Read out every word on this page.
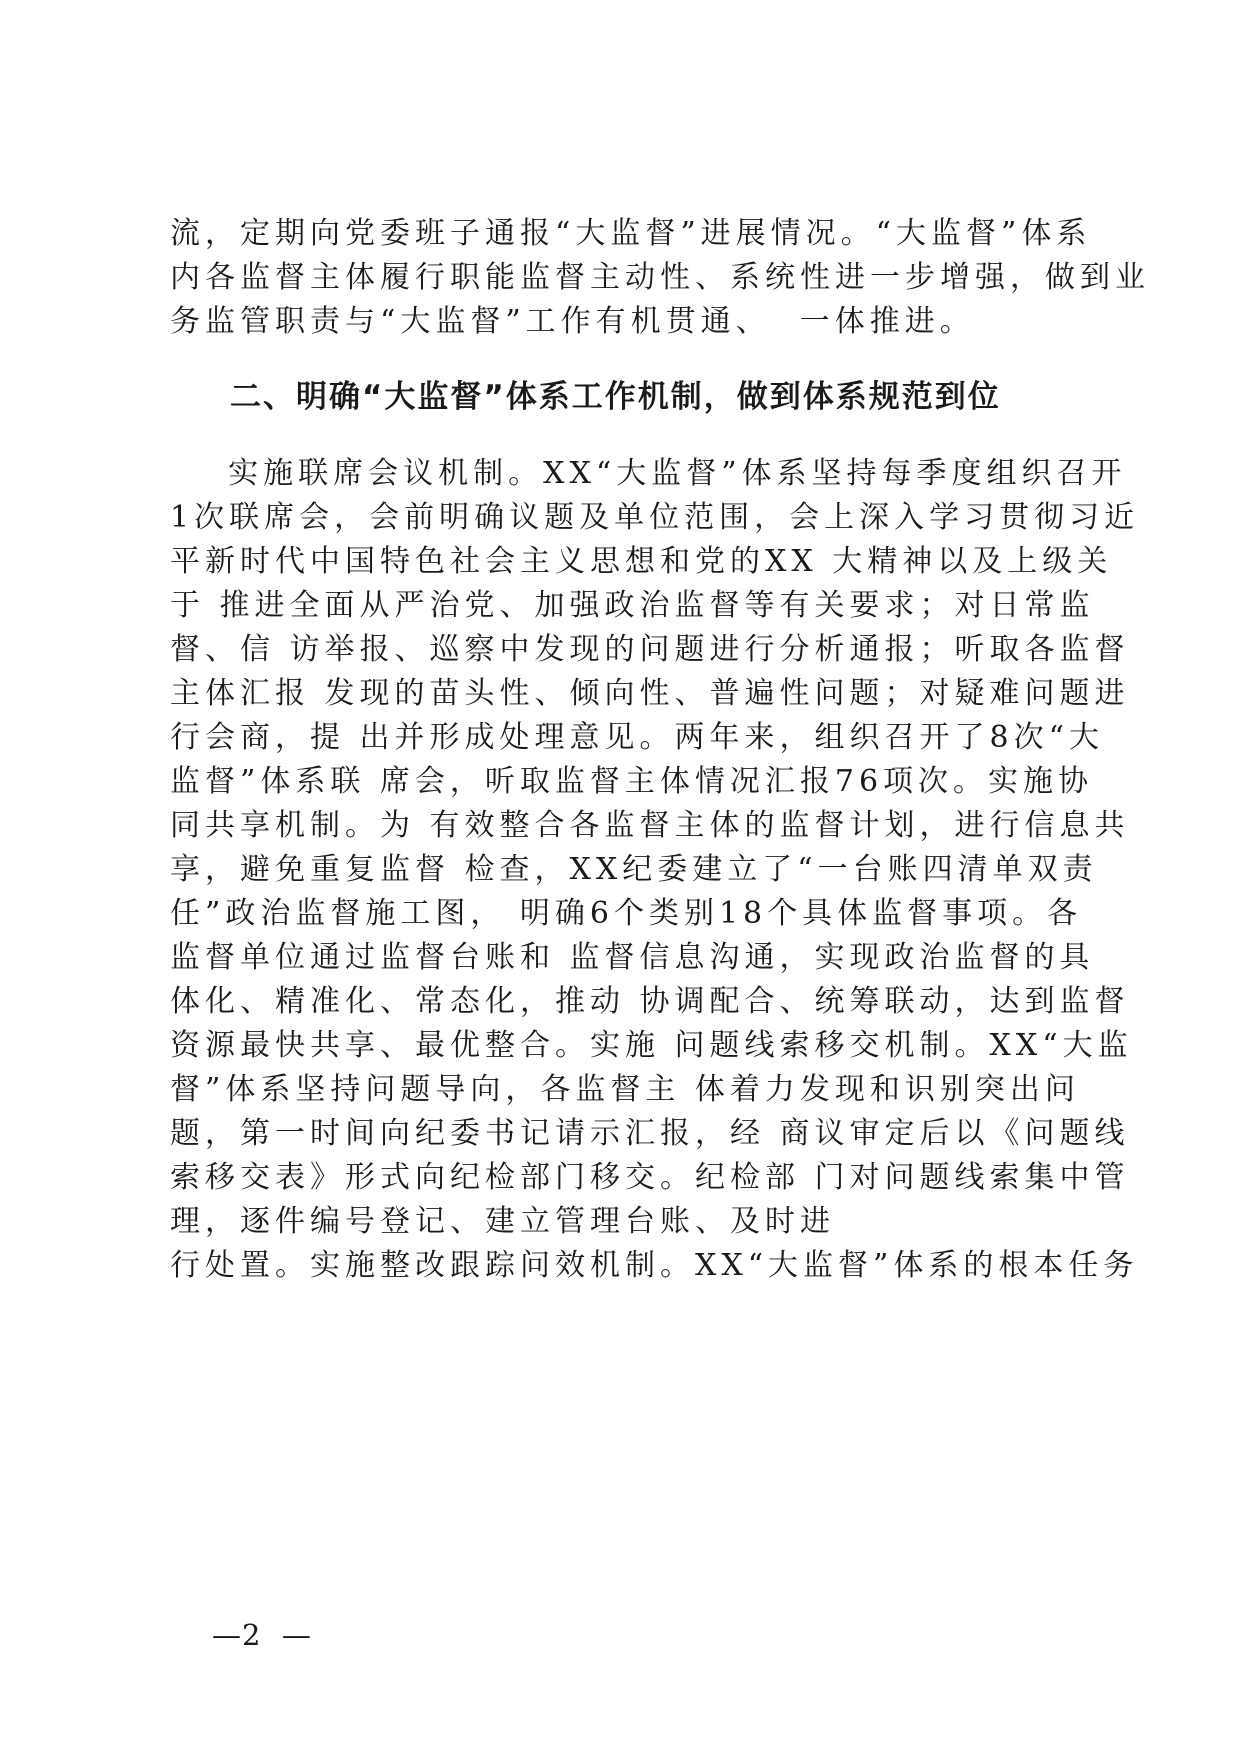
流，定期向党委班子通报“大监督”进展情况。“大监督”体系
内各监督主体履行职能监督主动性、系统性进一步增强，做到业
务监管职责与“大监督”工作有机贯通、  一体推进。
二、明确“大监督”体系工作机制，做到体系规范到位
实施联席会议机制。XX“大监督”体系坚持每季度组织召开
1次联席会，会前明确议题及单位范围，会上深入学习贯彻习近
平新时代中国特色社会主义思想和党的XX 大精神以及上级关
于 推进全面从严治党、加强政治监督等有关要求；对日常监
督、信 访举报、巡察中发现的问题进行分析通报；听取各监督
主体汇报 发现的苗头性、倾向性、普遍性问题；对疑难问题进
行会商，提 出并形成处理意见。两年来，组织召开了8次“大
监督”体系联 席会，听取监督主体情况汇报76项次。实施协
同共享机制。为 有效整合各监督主体的监督计划，进行信息共
享，避免重复监督 检查，XX纪委建立了“一台账四清单双责
任”政治监督施工图， 明确6个类别18个具体监督事项。各
监督单位通过监督台账和 监督信息沟通，实现政治监督的具
体化、精准化、常态化，推动 协调配合、统筹联动，达到监督
资源最快共享、最优整合。实施 问题线索移交机制。XX“大监
督”体系坚持问题导向，各监督主 体着力发现和识别突出问
题，第一时间向纪委书记请示汇报，经 商议审定后以《问题线
索移交表》形式向纪检部门移交。纪检部 门对问题线索集中管
理，逐件编号登记、建立管理台账、及时进
行处置。实施整改跟踪问效机制。XX“大监督”体系的根本任务
—2  —
